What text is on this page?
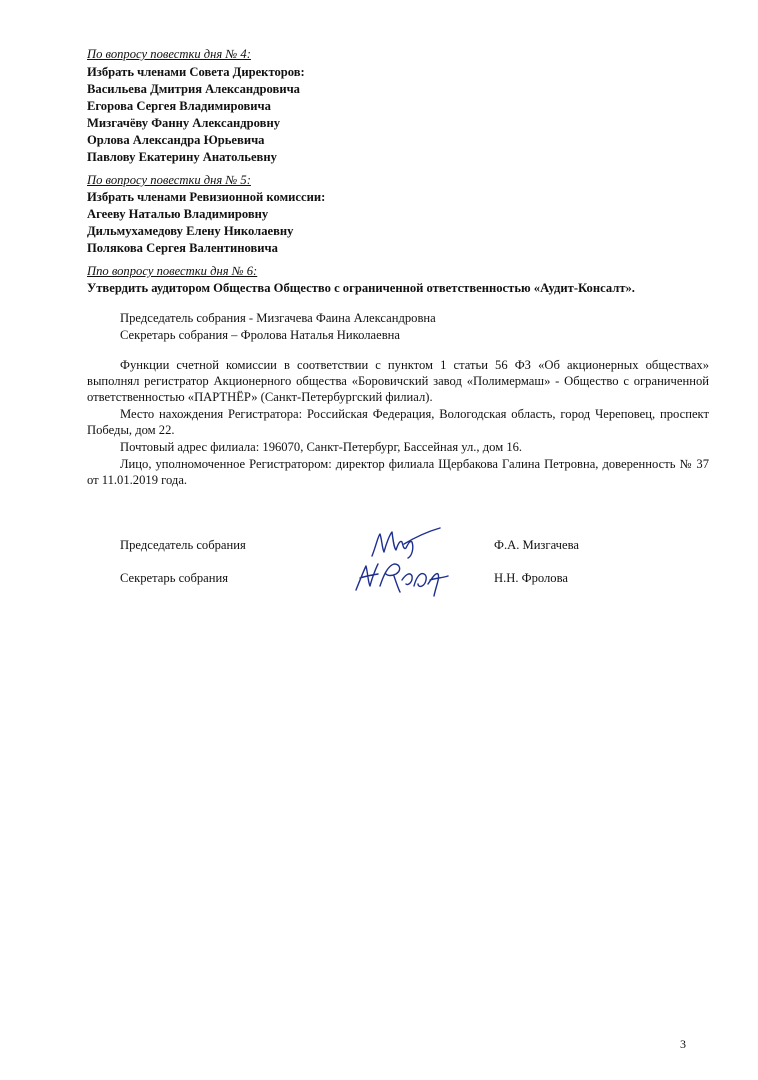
По вопросу повестки дня № 4:
Избрать членами Совета Директоров:
Васильева Дмитрия Александровича
Егорова Сергея Владимировича
Мизгачёву Фанну Александровну
Орлова Александра Юрьевича
Павлову Екатерину Анатольевну
По вопросу повестки дня № 5:
Избрать членами Ревизионной комиссии:
Агееву Наталью Владимировну
Дильмухамедову Елену Николаевну
Полякова Сергея Валентиновича
Ппо вопросу повестки дня № 6:
Утвердить аудитором Общества Общество с ограниченной ответственностью «Аудит-Консалт».
Председатель собрания - Мизгачева Фаина Александровна
Секретарь собрания – Фролова Наталья Николаевна
Функции счетной комиссии в соответствии с пунктом 1 статьи 56 ФЗ «Об акционерных обществах» выполнял регистратор Акционерного общества «Боровичский завод «Полимермаш» - Общество с ограниченной ответственностью «ПАРТНЁР» (Санкт-Петербургский филиал).
Место нахождения Регистратора: Российская Федерация, Вологодская область, город Череповец, проспект Победы, дом 22.
Почтовый адрес филиала: 196070, Санкт-Петербург, Бассейная ул., дом 16.
Лицо, уполномоченное Регистратором: директор филиала Щербакова Галина Петровна, доверенность № 37 от 11.01.2019 года.
Председатель собрания	Ф.А. Мизгачева
Секретарь собрания	Н.Н. Фролова
3
